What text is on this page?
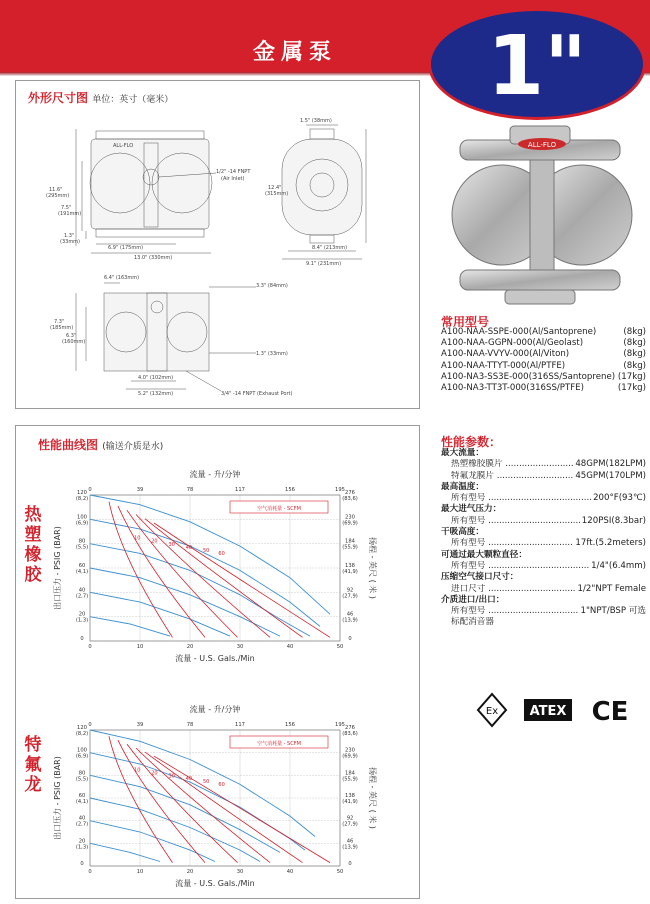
金属泵	1"
外形尺寸图 单位：英寸（毫米）
ALL-FLO
1/2" -14 FNPT
(Air Inlet)
11.6"
(295mm)
7.5"
(191mm)
1.3"
(33mm)
6.9" (175mm)
13.0" (330mm)
1.5" (38mm)
12.4"
(315mm)
8.4" (213mm)
9.1" (231mm)
6.4" (163mm)
3.3" (84mm)
7.3"
(185mm)
6.3"
(160mm)
1.3" (33mm)
4.0" (102mm)
5.2" (132mm)	3/4" -14 FNPT (Exhaust Port)
ALL-FLO
常用型号
A100-NAA-SSPE-000(Al/Santoprene)	(8kg)
A100-NAA-GGPN-000(Al/Geolast)	(8kg)
A100-NAA-VVYV-000(Al/Viton)	(8kg)
A100-NAA-TTYT-000(Al/PTFE)	(8kg)
A100-NA3-SS3E-000(316SS/Santoprene) (17kg)
A100-NA3-TT3T-000(316SS/PTFE)	(17kg)
性能参数：
最大流量：
热塑橡胶膜片 .....	48GPM(182LPM)
特氟龙膜片 .....	45GPM(170LPM)
最高温度：
所有型号 .....	200°F(93℃)
最大进气压力：
所有型号 .....	120PSI(8.3bar)
干吸高度：
所有型号 .....	17ft.(5.2meters)
可通过最大颗粒直径：
所有型号 .....	1/4"(6.4mm)
压缩空气接口尺寸：
进口尺寸 .....	1/2"NPT Female
介质进口/出口：
所有型号 .....	1"NPT/BSP 可选
标配消音器
性能曲线图 (输送介质是水)
热塑橡胶
特氟龙
流量 - 升/分钟
流量 - U.S. Gals./Min
出口压力 - PSIG (BAR)	扬程 - 英尺 ( 米 )
0
0
10
39
20
78
30
117
40
156
50
195
0	0
20 (1,3)
46 (13,9)
40 (2,7)
92 (27,9)
60 (4,1)
138 (41,9)
80 (5,5)
184 (55,9)
100 (6,9)
230 (69,9)
120 (8,2)
276 (83,6)
10
20
30
40
50
60
空气消耗量 - SCFM
流量 - 升/分钟
流量 - U.S. Gals./Min
出口压力 - PSIG (BAR)	扬程 - 英尺 ( 米 )
0
0
10
39
20
78
30
117
40
156
50
195
0	0
20 (1,3)
46 (13,9)
40 (2,7)
92 (27,9)
60 (4,1)
138 (41,9)
80 (5,5)
184 (55,9)
100 (6,9)
230 (69,9)
120 (8,2)
276 (83,6)
10 20 30 40 50 60
空气消耗量 - SCFM
Ex ATEX CE
